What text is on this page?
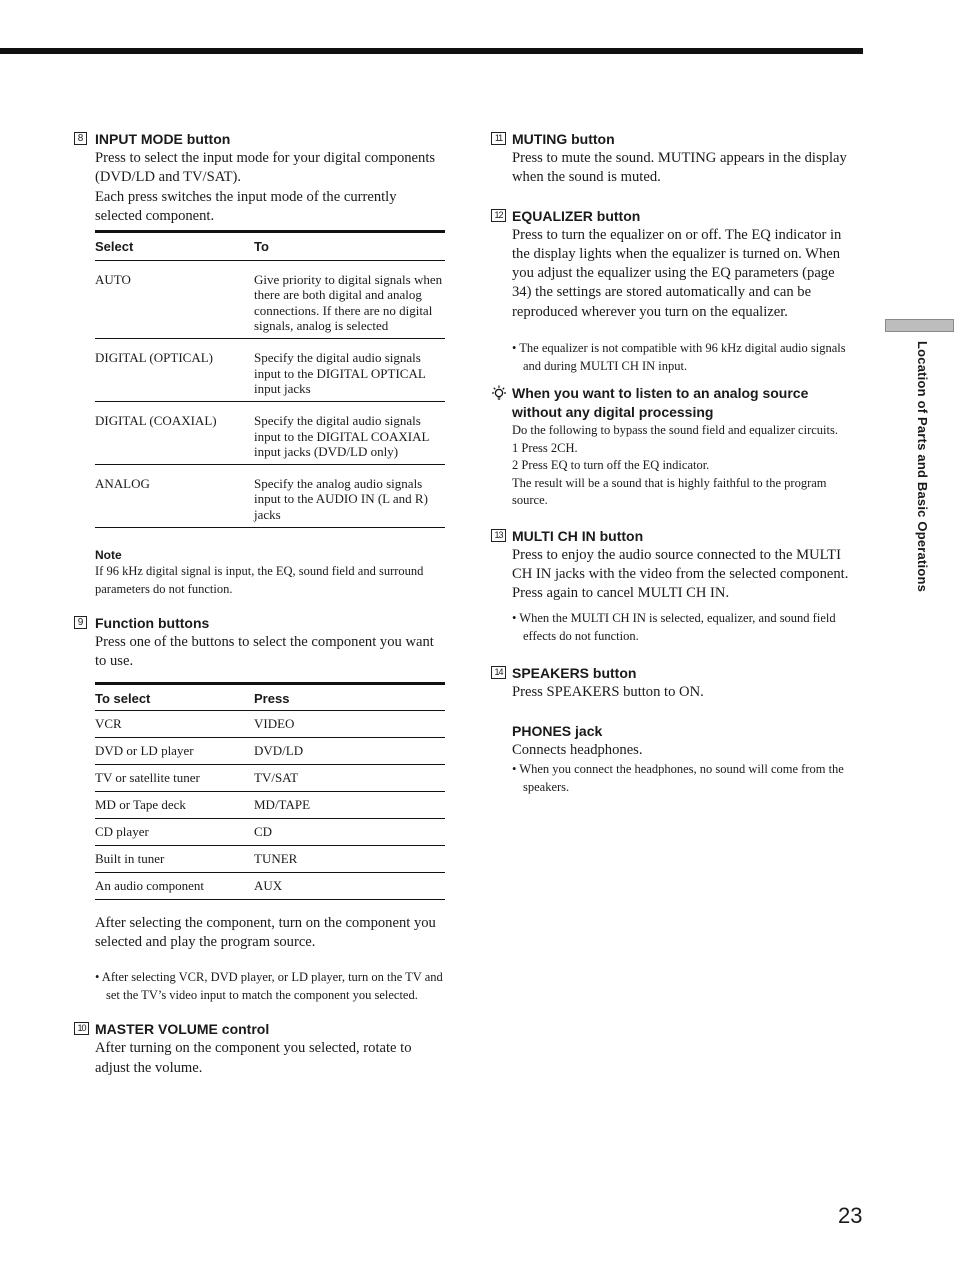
8 INPUT MODE button

Press to select the input mode for your digital components (DVD/LD and TV/SAT).

Each press switches the input mode of the currently selected component.

Select	To
AUTO	Give priority to digital signals when there are both digital and analog connections. If there are no digital signals, analog is selected
DIGITAL (OPTICAL)	Specify the digital audio signals input to the DIGITAL OPTICAL input jacks
DIGITAL (COAXIAL)	Specify the digital audio signals input to the DIGITAL COAXIAL input jacks (DVD/LD only)
ANALOG	Specify the analog audio signals input to the AUDIO IN (L and R) jacks
Note

If 96 kHz digital signal is input, the EQ, sound field and surround parameters do not function.

9 Function buttons

Press one of the buttons to select the component you want to use.

To select	Press
VCR	VIDEO
DVD or LD player	DVD/LD
TV or satellite tuner	TV/SAT
MD or Tape deck	MD/TAPE
CD player	CD
Built in tuner	TUNER
An audio component	AUX

After selecting the component, turn on the component you selected and play the program source.

• After selecting VCR, DVD player, or LD player, turn on the TV and set the TV’s video input to match the component you selected.

10 MASTER VOLUME control

After turning on the component you selected, rotate to adjust the volume.

11 MUTING button

Press to mute the sound. MUTING appears in the display when the sound is muted.

12 EQUALIZER button

Press to turn the equalizer on or off. The EQ indicator in the display lights when the equalizer is turned on. When you adjust the equalizer using the EQ parameters (page 34) the settings are stored automatically and can be reproduced wherever you turn on the equalizer.

• The equalizer is not compatible with 96 kHz digital audio signals and during MULTI CH IN input.

When you want to listen to an analog source without any digital processing

Do the following to bypass the sound field and equalizer circuits.

1 Press 2CH.

2 Press EQ to turn off the EQ indicator.

The result will be a sound that is highly faithful to the program source.

13 MULTI CH IN button

Press to enjoy the audio source connected to the MULTI CH IN jacks with the video from the selected component. Press again to cancel MULTI CH IN.

• When the MULTI CH IN is selected, equalizer, and sound field effects do not function.

14 SPEAKERS button

Press SPEAKERS button to ON.

PHONES jack

Connects headphones.

• When you connect the headphones, no sound will come from the speakers.

Location of Parts and Basic Operations
23
